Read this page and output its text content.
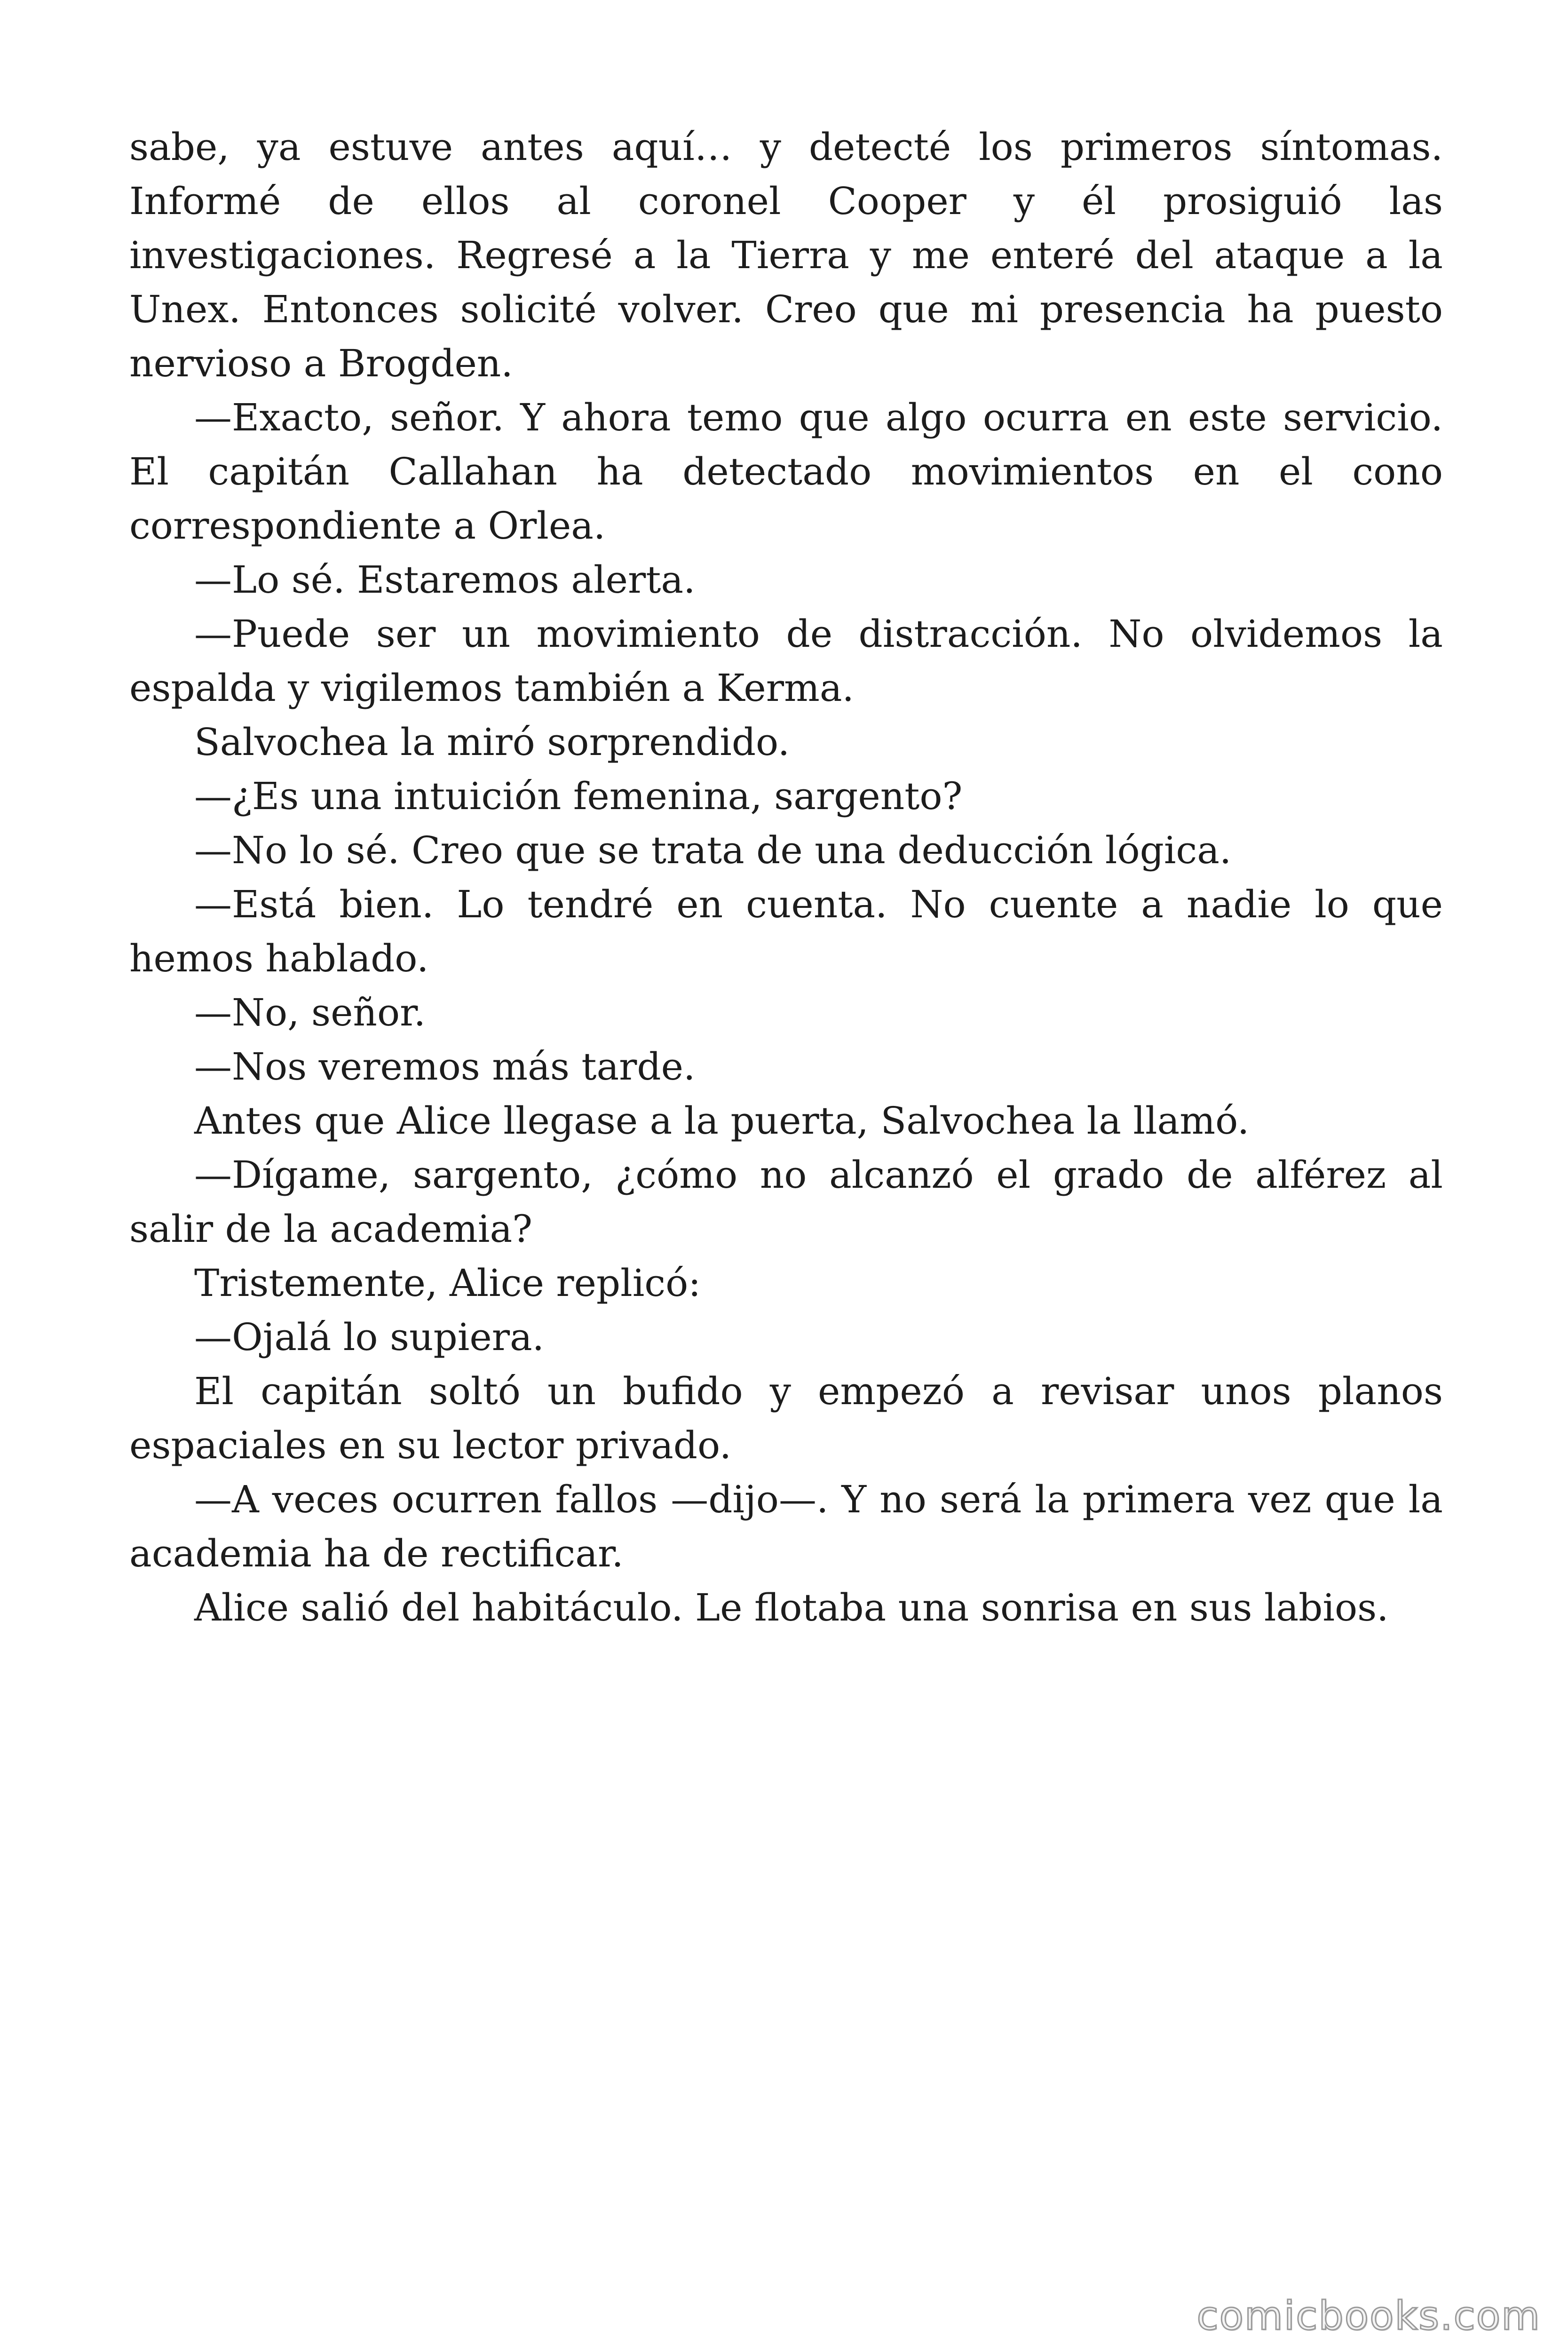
sabe, ya estuve antes aquí… y detecté los primeros síntomas. Informé de ellos al coronel Cooper y él prosiguió las investigaciones. Regresé a la Tierra y me enteré del ataque a la Unex. Entonces solicité volver. Creo que mi presencia ha puesto nervioso a Brogden.

—Exacto, señor. Y ahora temo que algo ocurra en este servicio. El capitán Callahan ha detectado movimientos en el cono correspondiente a Orlea.

—Lo sé. Estaremos alerta.

—Puede ser un movimiento de distracción. No olvidemos la espalda y vigilemos también a Kerma.

Salvochea la miró sorprendido.

—¿Es una intuición femenina, sargento?

—No lo sé. Creo que se trata de una deducción lógica.

—Está bien. Lo tendré en cuenta. No cuente a nadie lo que hemos hablado.

—No, señor.

—Nos veremos más tarde.

Antes que Alice llegase a la puerta, Salvochea la llamó.

—Dígame, sargento, ¿cómo no alcanzó el grado de alférez al salir de la academia?

Tristemente, Alice replicó:

—Ojalá lo supiera.

El capitán soltó un bufido y empezó a revisar unos planos espaciales en su lector privado.

—A veces ocurren fallos —dijo—. Y no será la primera vez que la academia ha de rectificar.

Alice salió del habitáculo. Le flotaba una sonrisa en sus labios.

comicbooks.com
